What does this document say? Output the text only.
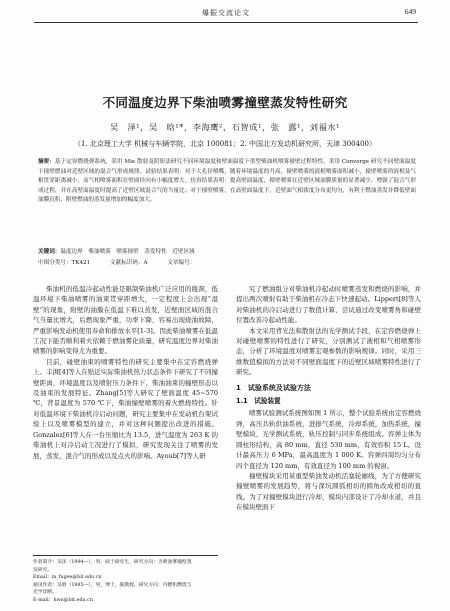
爆振交流论文	649
不同温度边界下柴油喷雾撞壁蒸发特性研究
吴　泽¹，吴　晗¹*，李海鹰²，石智成¹，张　露¹，刘福水¹
（1. 北京理工大学 机械与车辆学院，北京 100081；2. 中国北方发动机研究所，天津 300400）
摘要：基于定容燃烧弹系统，采用 Mie 散射及阴影法研究不同环境温度和壁面温度下重型柴油机喷雾撞壁过程特性，采用 Converge 研究不同壁面温度下撞壁燃油对近壁区域的混合气形成规律。试验结果表明：对于大孔径喷嘴，随着环境温度的升高，撞壁喷雾的液相喷雾面积减小，撞壁喷雾的液相及气相贯穿距离减小，而气相喷雾面积在壁面径向有小幅度增大。仿真结果表明：提高壁面温度，撞壁喷雾在近壁区域油膜质量的显著减少，增强了混合气形成过程，并在高壁面温度时提高了近壁区域混合气的当量比；对于撞壁喷雾，在高壁面温度下，近壁面气相浓度分布更均匀，有利于燃油蒸发并降低壁面油膜沉积，附壁燃油的蒸发量增加的幅度加大。
关键词：温度边界　柴油喷雾　喷雾撞壁　蒸发特性　近壁区域
中图分类号：TK421	文献标识码：A	文章编号：

柴油机的低温冷起动性能是限制柴油机广泛应用的瓶颈，低温环境下柴油喷雾的油束贯穿距增大，一定程度上会出现“湿壁”的现象，附壁的油膜在低温下难以蒸发，近壁面区域的混合气当量比增大，后燃现象严重，功率下降，容易出现烧油故障，严重影响发动机使用寿命和排放水平[1-3]。因此柴油喷雾在低温工况下能否顺利着火依赖于燃油雾化质量，研究温度边界对柴油喷雾的影响变得尤为重要。

目前，碰壁油束的喷雾特性的研究主要集中在定容燃烧弹上。丰湃[4]等人在贴近实际柴油机热力状态条件下研究了不同撞壁距离，环境温度以及喷射压力条件下，柴油油束的撞壁形态以及油束的发展特征。Zhang[5]等人研究了壁面温度 45~570 ℃，背景温度为 570 ℃下，柴油撞壁喷雾的着火燃烧特性。针对低温环境下柴油机冷启动问题，研究主要集中在发动机台架试验上以及喷雾模型的建立，并对这种问题提出改进的措施。Gonzalez[6]等人在一台压缩比为 13.5，进气温度为 263 K 的柴油机上对冷启动工况进行了模拟，研究发现关注了喷雾的发展，蒸发、混合气的形成以及点火的影响。Ayoub[7]等人研

究了燃油组分对柴油机冷起动时喷雾蒸发和燃烧的影响，并提出两次喷射有助于柴油机在冷态下快速起动。Lippert[8]等人对柴油机的冷启动进行了数值计算，尝试通过改变喷雾角和碰壁位置改善冷起动性能。

本文采用背光法和散射法的光学测试手段，在定容燃烧弹上对碰壁喷雾的特性进行了研究，分别测试了液相和气相喷雾形态，分析了环境温度对喷雾宏观参数的影响规律。同时，采用三维数值模拟的方法对不同壁面温度下的近壁区域喷雾特性进行了研究。

1　试验系统及试验方法
1.1　试验装置

喷雾试验测试系统图如图 1 所示，整个试验系统由定容燃烧弹，高压共轨供油系统，进排气系统，冷却系统，加热系统，撞壁模块，光学测试系统，轨压控制与同步系统组成。容弹主体为圆柱形结构，高 80 mm，直径 530 mm，有效容积 15 L。设计最高压力 6 MPa，最高温度为 1 000 K。容弹四周均匀分布四个直径为 120 mm，有效直径为 100 mm 的视窗。

撞壁模块采用某重型柴油发动机活塞轮廓线，为了方便研究撞壁喷雾的发展趋势，将与深坑圆弧相切的圆角改成相切的直线。为了对撞壁模块进行冷却，模块内部设计了冷却水道，并且在模块壁面下

作者简介：吴泽（1994—），男，硕士研究生，研究方向：为喷油雾撞壁蒸
发研究。
Email：m_fugee@bit.edu.cn
通讯作者：吴晗（1985—），男，博士，副教授，研究方向：内燃机燃烧与
光学诊断。
E-mail：hwu@bit.edu.cn
